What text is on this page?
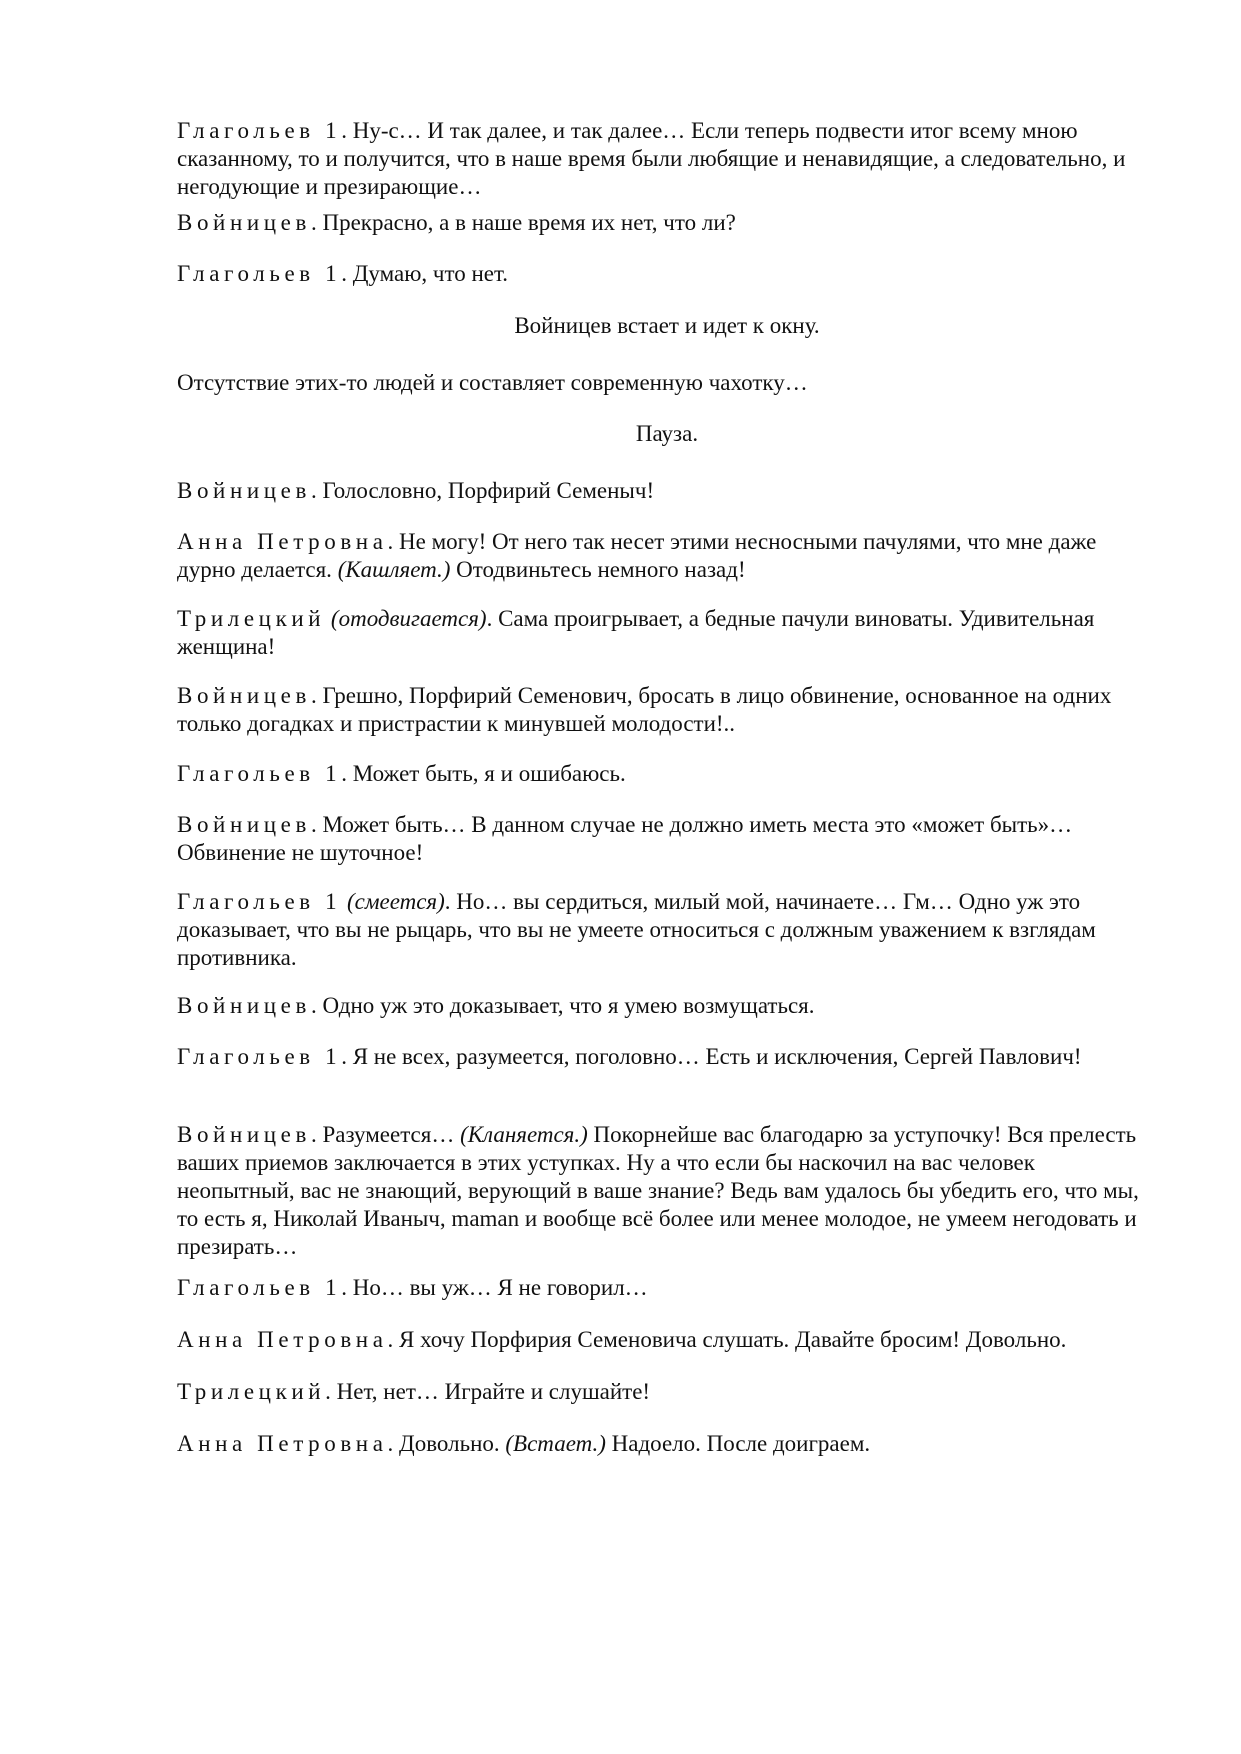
Глагольев 1. Ну-с… И так далее, и так далее… Если теперь подвести итог всему мною сказанному, то и получится, что в наше время были любящие и ненавидящие, а следовательно, и негодующие и презирающие…

Войницев. Прекрасно, а в наше время их нет, что ли?

Глагольев 1. Думаю, что нет.

Войницев встает и идет к окну.

Отсутствие этих-то людей и составляет современную чахотку…

Пауза.

Войницев. Голословно, Порфирий Семеныч!

Анна Петровна. Не могу! От него так несет этими несносными пачулями, что мне даже дурно делается. (Кашляет.) Отодвиньтесь немного назад!

Трилецкий (отодвигается). Сама проигрывает, а бедные пачули виноваты. Удивительная женщина!

Войницев. Грешно, Порфирий Семенович, бросать в лицо обвинение, основанное на одних только догадках и пристрастии к минувшей молодости!..

Глагольев 1. Может быть, я и ошибаюсь.

Войницев. Может быть… В данном случае не должно иметь места это «может быть»… Обвинение не шуточное!

Глагольев 1 (смеется). Но… вы сердиться, милый мой, начинаете… Гм… Одно уж это доказывает, что вы не рыцарь, что вы не умеете относиться с должным уважением к взглядам противника.

Войницев. Одно уж это доказывает, что я умею возмущаться.

Глагольев 1. Я не всех, разумеется, поголовно… Есть и исключения, Сергей Павлович!

Войницев. Разумеется… (Кланяется.) Покорнейше вас благодарю за уступочку! Вся прелесть ваших приемов заключается в этих уступках. Ну а что если бы наскочил на вас человек неопытный, вас не знающий, верующий в ваше знание? Ведь вам удалось бы убедить его, что мы, то есть я, Николай Иваныч, maman и вообще всё более или менее молодое, не умеем негодовать и презирать…

Глагольев 1. Но… вы уж… Я не говорил…

Анна Петровна. Я хочу Порфирия Семеновича слушать. Давайте бросим! Довольно.

Трилецкий. Нет, нет… Играйте и слушайте!

Анна Петровна. Довольно. (Встает.) Надоело. После доиграем.
